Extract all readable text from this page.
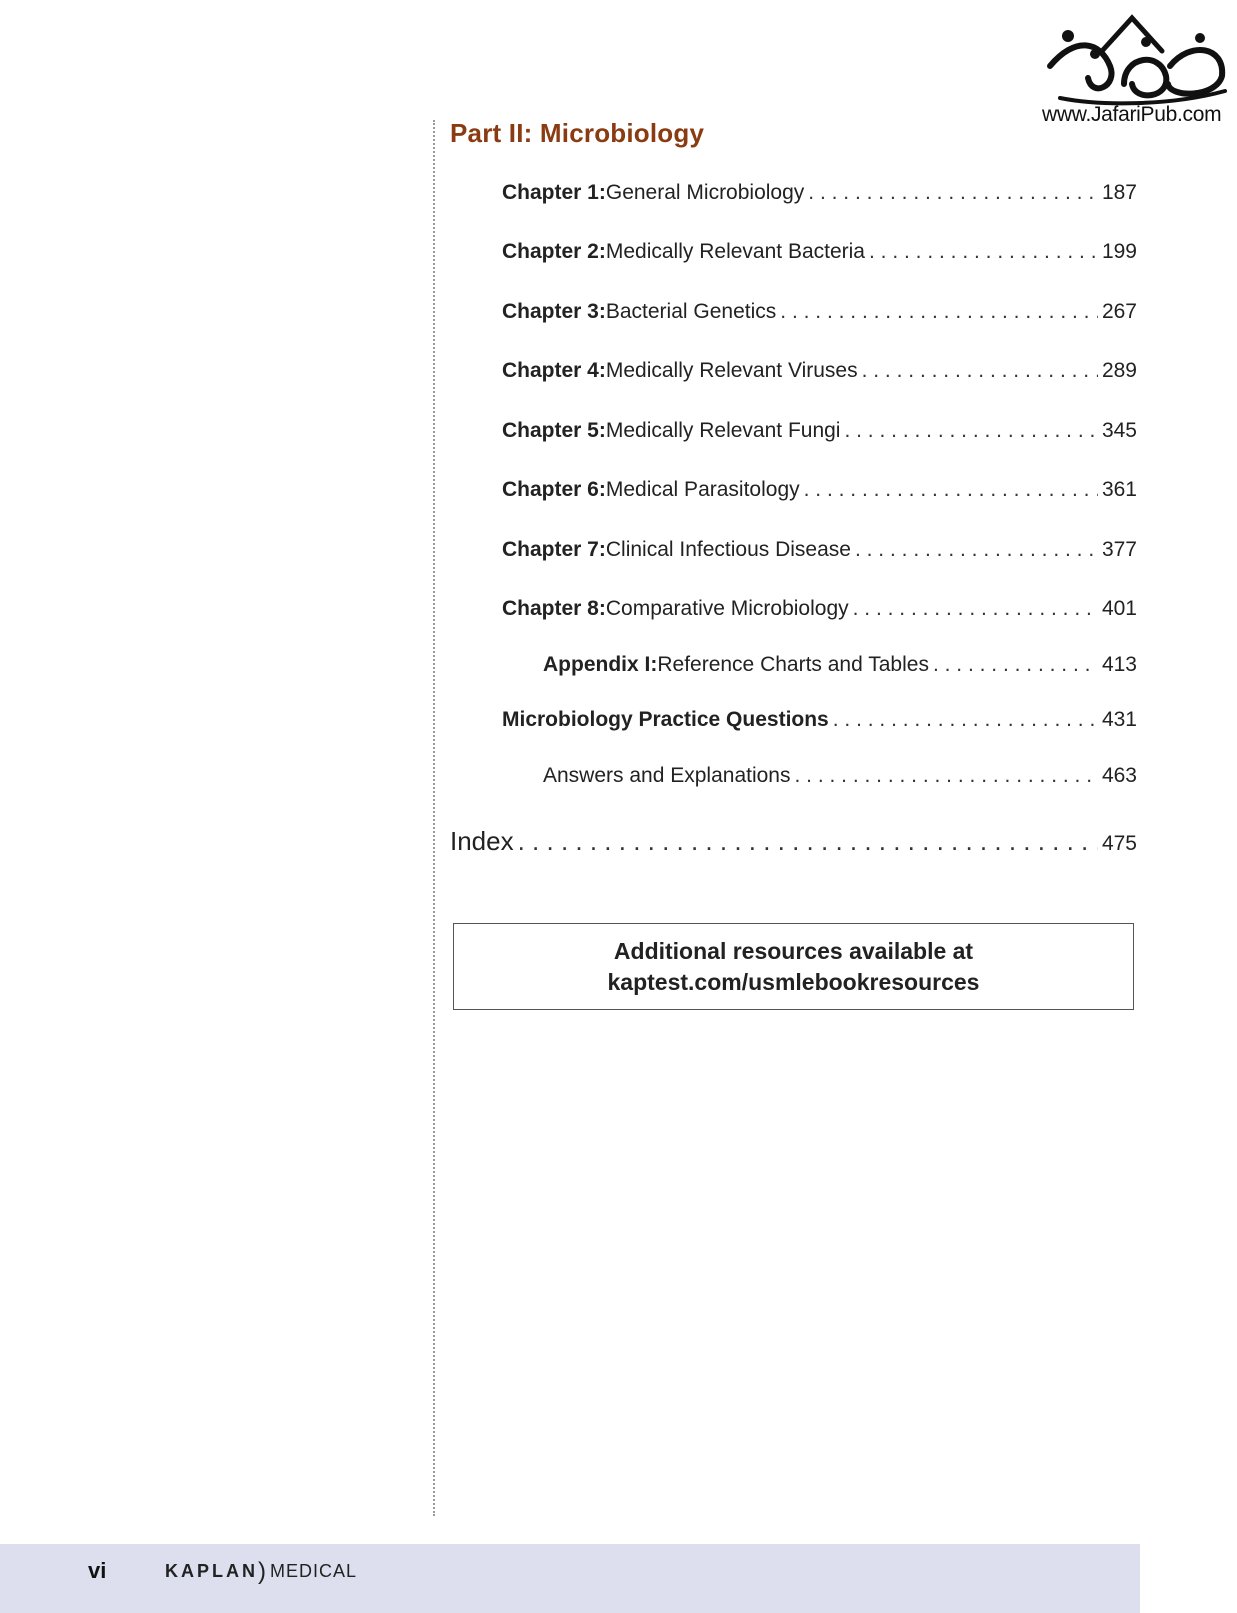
www.JafariPub.com
Part II: Microbiology
Chapter 1: General Microbiology . . .	187
Chapter 2: Medically Relevant Bacteria . . .	199
Chapter 3: Bacterial Genetics . . .	267
Chapter 4: Medically Relevant Viruses . . .	289
Chapter 5: Medically Relevant Fungi . . .	345
Chapter 6: Medical Parasitology . . .	361
Chapter 7: Clinical Infectious Disease . . .	377
Chapter 8: Comparative Microbiology . . .	401
Appendix I: Reference Charts and Tables . . .	413
Microbiology Practice Questions . . .	431
Answers and Explanations . . .	463
Index . . .	475
Additional resources available at
kaptest.com/usmlebookresources
vi	KAPLAN ) MEDICAL
